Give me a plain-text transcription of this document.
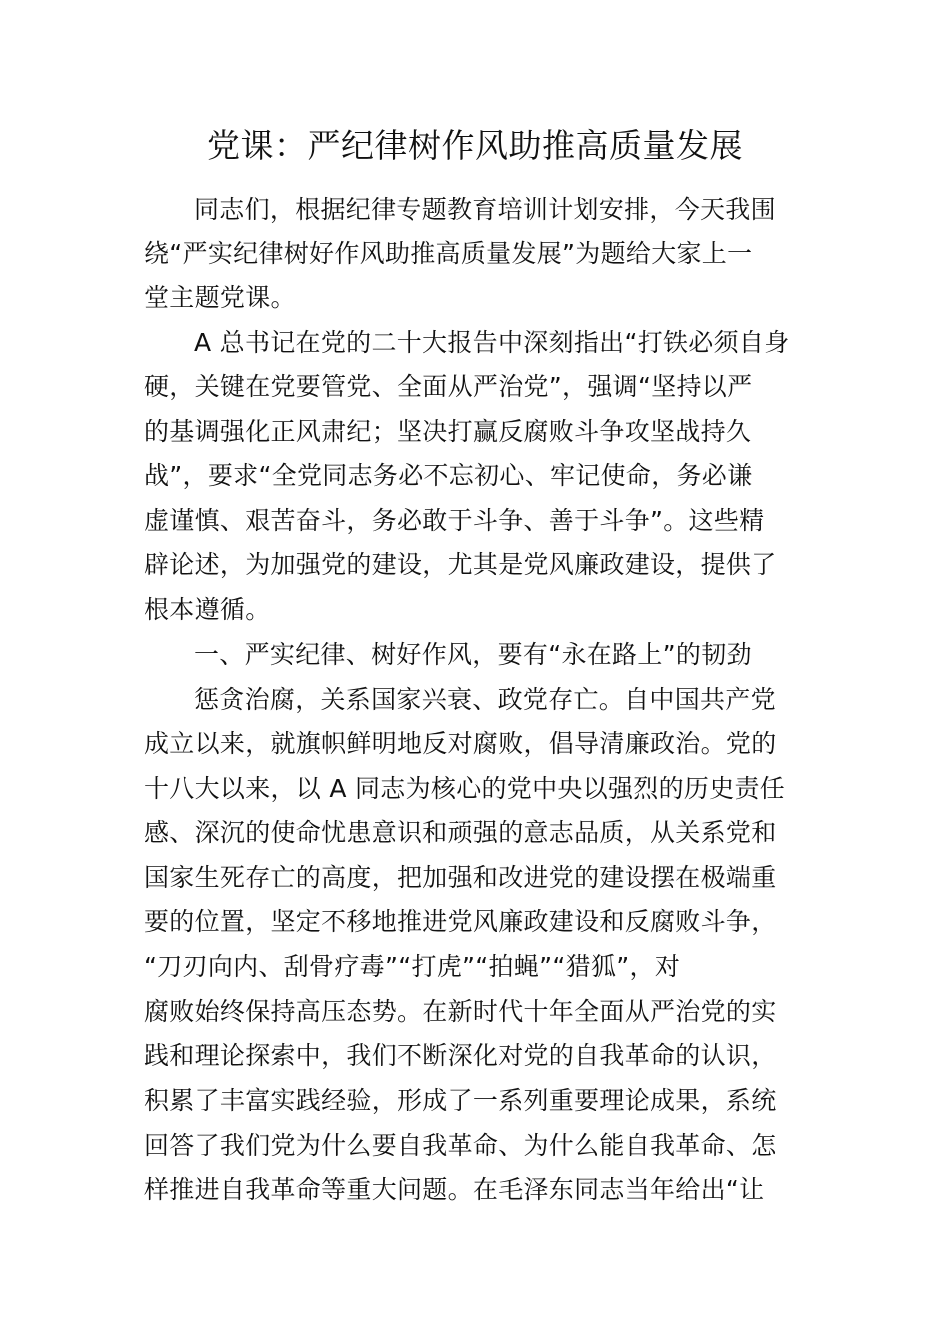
党课：严纪律树作风助推高质量发展

同志们，根据纪律专题教育培训计划安排，今天我围

绕“严实纪律树好作风助推高质量发展”为题给大家上一

堂主题党课。

A 总书记在党的二十大报告中深刻指出“打铁必须自身

硬，关键在党要管党、全面从严治党”，强调“坚持以严

的基调强化正风肃纪；坚决打赢反腐败斗争攻坚战持久

战”，要求“全党同志务必不忘初心、牢记使命，务必谦

虚谨慎、艰苦奋斗，务必敢于斗争、善于斗争”。这些精

辟论述，为加强党的建设，尤其是党风廉政建设，提供了

根本遵循。

一、严实纪律、树好作风，要有“永在路上”的韧劲

惩贪治腐，关系国家兴衰、政党存亡。自中国共产党

成立以来，就旗帜鲜明地反对腐败，倡导清廉政治。党的

十八大以来，以 A 同志为核心的党中央以强烈的历史责任

感、深沉的使命忧患意识和顽强的意志品质，从关系党和

国家生死存亡的高度，把加强和改进党的建设摆在极端重

要的位置，坚定不移地推进党风廉政建设和反腐败斗争，

“刀刃向内、刮骨疗毒”“打虎”“拍蝇”“猎狐”，对

腐败始终保持高压态势。在新时代十年全面从严治党的实

践和理论探索中，我们不断深化对党的自我革命的认识，

积累了丰富实践经验，形成了一系列重要理论成果，系统

回答了我们党为什么要自我革命、为什么能自我革命、怎

样推进自我革命等重大问题。在毛泽东同志当年给出“让
